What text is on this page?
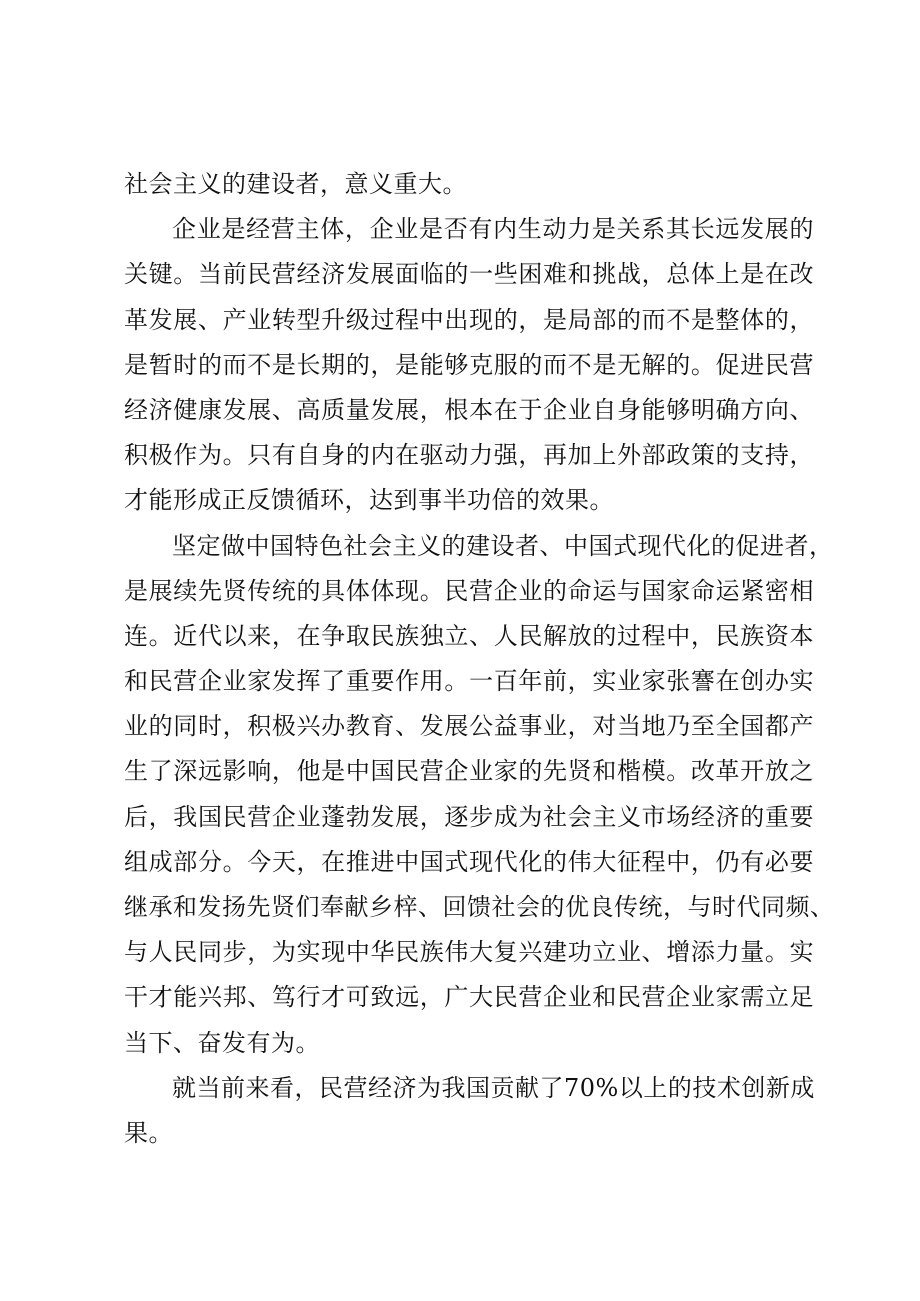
社会主义的建设者，意义重大。
企业是经营主体，企业是否有内生动力是关系其长远发展的
关键。当前民营经济发展面临的一些困难和挑战，总体上是在改
革发展、产业转型升级过程中出现的，是局部的而不是整体的，
是暂时的而不是长期的，是能够克服的而不是无解的。促进民营
经济健康发展、高质量发展，根本在于企业自身能够明确方向、
积极作为。只有自身的内在驱动力强，再加上外部政策的支持，
才能形成正反馈循环，达到事半功倍的效果。
坚定做中国特色社会主义的建设者、中国式现代化的促进者，
是展续先贤传统的具体体现。民营企业的命运与国家命运紧密相
连。近代以来，在争取民族独立、人民解放的过程中，民族资本
和民营企业家发挥了重要作用。一百年前，实业家张謇在创办实
业的同时，积极兴办教育、发展公益事业，对当地乃至全国都产
生了深远影响，他是中国民营企业家的先贤和楷模。改革开放之
后，我国民营企业蓬勃发展，逐步成为社会主义市场经济的重要
组成部分。今天，在推进中国式现代化的伟大征程中，仍有必要
继承和发扬先贤们奉献乡梓、回馈社会的优良传统，与时代同频、
与人民同步，为实现中华民族伟大复兴建功立业、增添力量。实
干才能兴邦、笃行才可致远，广大民营企业和民营企业家需立足
当下、奋发有为。
就当前来看，民营经济为我国贡献了70%以上的技术创新成
果。
